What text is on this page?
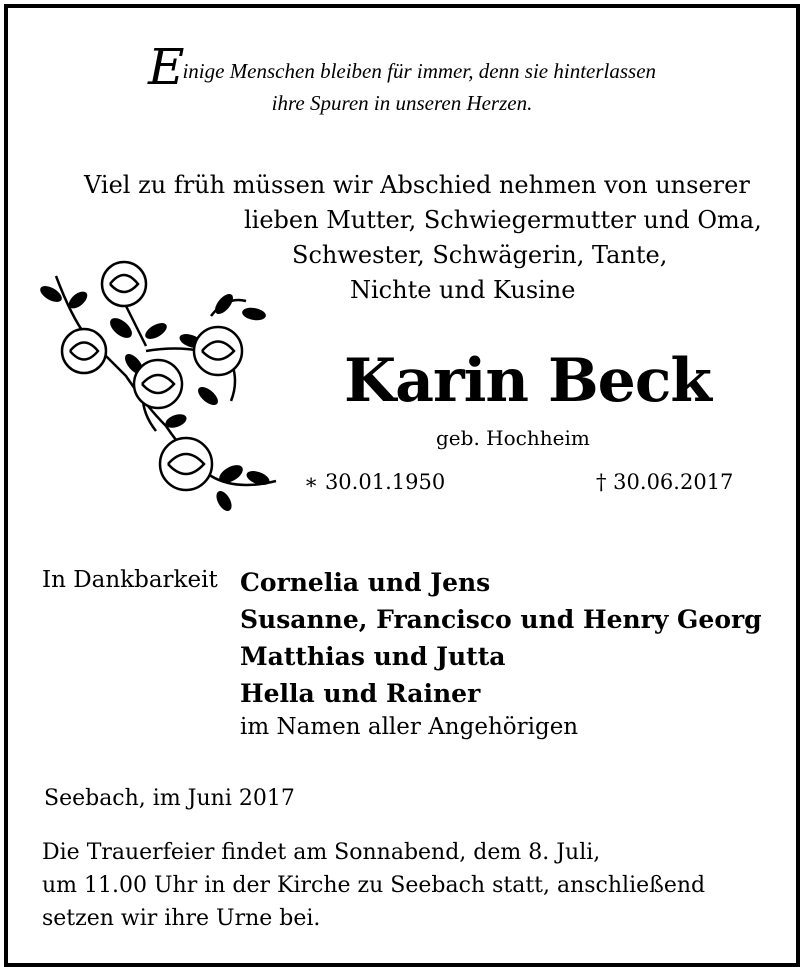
Einige Menschen bleiben für immer, denn sie hinterlassen
ihre Spuren in unseren Herzen.
Viel zu früh müssen wir Abschied nehmen von unserer
lieben Mutter, Schwiegermutter und Oma,
Schwester, Schwägerin, Tante,
Nichte und Kusine
Karin Beck
geb. Hochheim
∗ 30.01.1950	† 30.06.2017
In Dankbarkeit Cornelia und Jens
Susanne, Francisco und Henry Georg
Matthias und Jutta
Hella und Rainer
im Namen aller Angehörigen
Seebach, im Juni 2017
Die Trauerfeier findet am Sonnabend, dem 8. Juli,
um 11.00 Uhr in der Kirche zu Seebach statt, anschließend
setzen wir ihre Urne bei.
